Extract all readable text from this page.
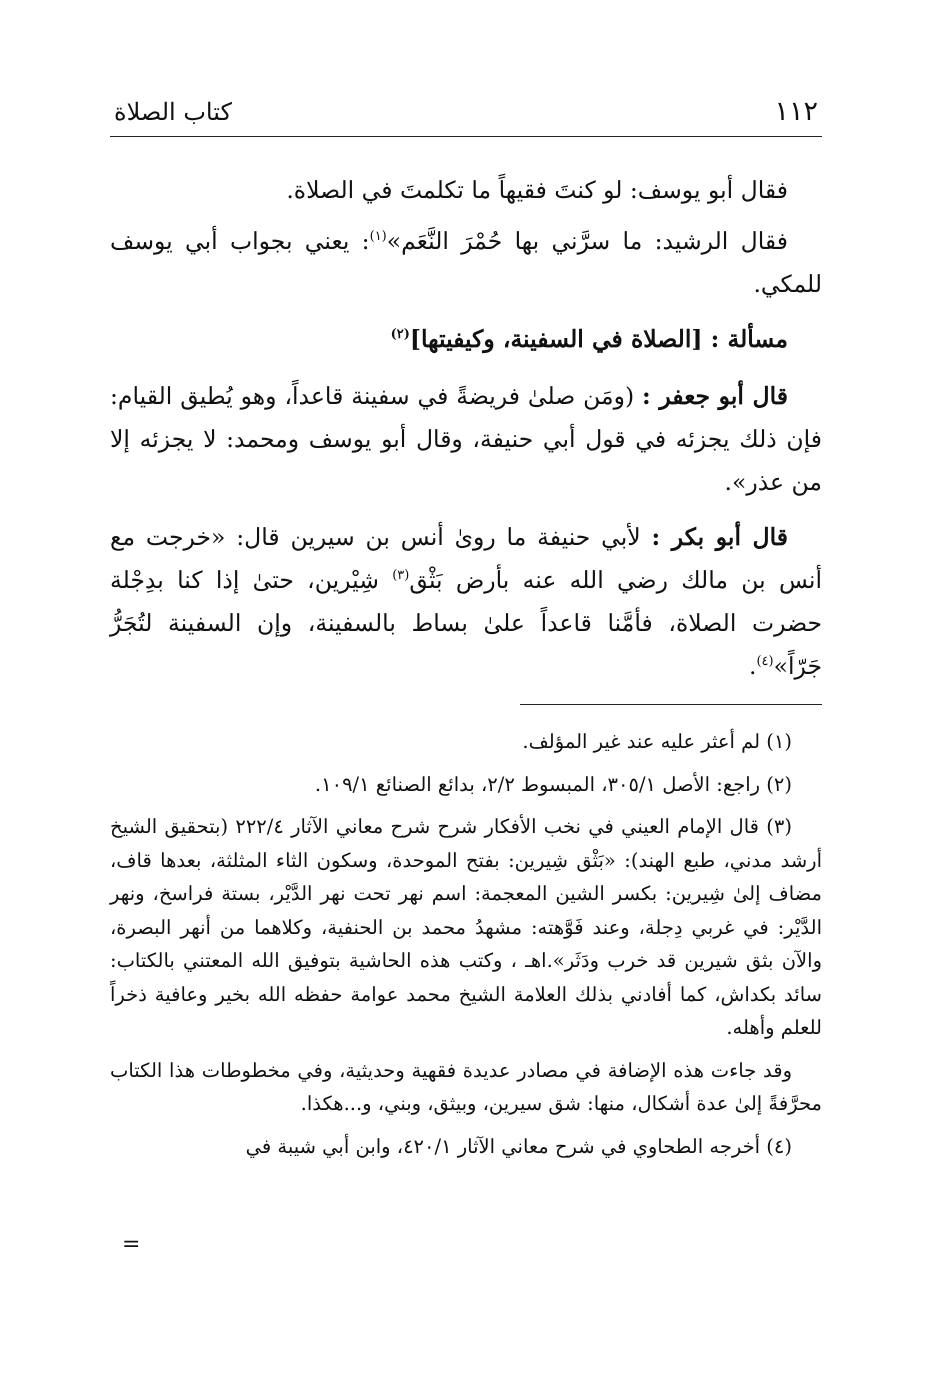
١١٢
كتاب الصلاة

فقال أبو يوسف: لو كنتَ فقيهاً ما تكلمتَ في الصلاة.

فقال الرشيد: ما سرَّني بها حُمْرَ النَّعَم»$^{(١)}$: يعني بجواب أبي يوسف للمكي.

مسألة : [الصلاة في السفينة، وكيفيتها]$^{(٢)}$

قال أبو جعفر : (ومَن صلىٰ فريضةً في سفينة قاعداً، وهو يُطيق القيام: فإن ذلك يجزئه في قول أبي حنيفة، وقال أبو يوسف ومحمد: لا يجزئه إلا من عذر».

قال أبو بكر : لأبي حنيفة ما روىٰ أنس بن سيرين قال: «خرجت مع أنس بن مالك رضي الله عنه بأرض بَثْق$^{(٣)}$ شِيْرين، حتىٰ إذا كنا بدِجْلة حضرت الصلاة، فأمَّنا قاعداً علىٰ بساط بالسفينة، وإن السفينة لتُجَرُّ جَرّاً»$^{(٤)}$.

(١) لم أعثر عليه عند غير المؤلف.

(٢) راجع: الأصل ٣٠٥/١، المبسوط ٢/٢، بدائع الصنائع ١٠٩/١.

(٣) قال الإمام العيني في نخب الأفكار شرح شرح معاني الآثار ٢٢٢/٤ (بتحقيق الشيخ أرشد مدني، طبع الهند): «بَثْق شِيرين: بفتح الموحدة، وسكون الثاء المثلثة، بعدها قاف، مضاف إلىٰ شِيرين: بكسر الشين المعجمة: اسم نهر تحت نهر الدَّيْر، بستة فراسخ، ونهر الدَّيْر: في غربي دِجلة، وعند فَوَّهته: مشهدُ محمد بن الحنفية، وكلاهما من أنهر البصرة، والآن بثق شيرين قد خرب ودَثَر».اهـ ، وكتب هذه الحاشية بتوفيق الله المعتني بالكتاب: سائد بكداش، كما أفادني بذلك العلامة الشيخ محمد عوامة حفظه الله بخير وعافية ذخراً للعلم وأهله.

وقد جاءت هذه الإضافة في مصادر عديدة فقهية وحديثية، وفي مخطوطات هذا الكتاب محرَّفةً إلىٰ عدة أشكال، منها: شق سيرين، وبيثق، وبني، و...هكذا.

(٤) أخرجه الطحاوي في شرح معاني الآثار ٤٢٠/١، وابن أبي شيبة في

=
